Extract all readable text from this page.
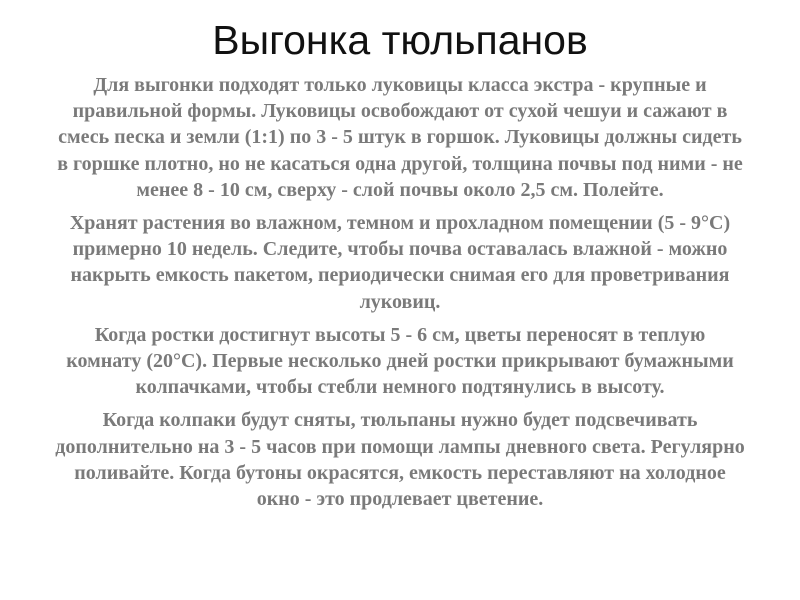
Выгонка тюльпанов

Для выгонки подходят только луковицы класса экстра - крупные и правильной формы. Луковицы освобождают от сухой чешуи и сажают в смесь песка и земли (1:1) по 3 - 5 штук в горшок. Луковицы должны сидеть в горшке плотно, но не касаться одна другой, толщина почвы под ними - не менее 8 - 10 см, сверху - слой почвы около 2,5 см. Полейте.

Хранят растения во влажном, темном и прохладном помещении (5 - 9°С) примерно 10 недель. Следите, чтобы почва оставалась влажной - можно накрыть емкость пакетом, периодически снимая его для проветривания луковиц.

Когда ростки достигнут высоты 5 - 6 см, цветы переносят в теплую комнату (20°С). Первые несколько дней ростки прикрывают бумажными колпачками, чтобы стебли немного подтянулись в высоту.

Когда колпаки будут сняты, тюльпаны нужно будет подсвечивать дополнительно на 3 - 5 часов при помощи лампы дневного света. Регулярно поливайте. Когда бутоны окрасятся, емкость переставляют на холодное окно - это продлевает цветение.
